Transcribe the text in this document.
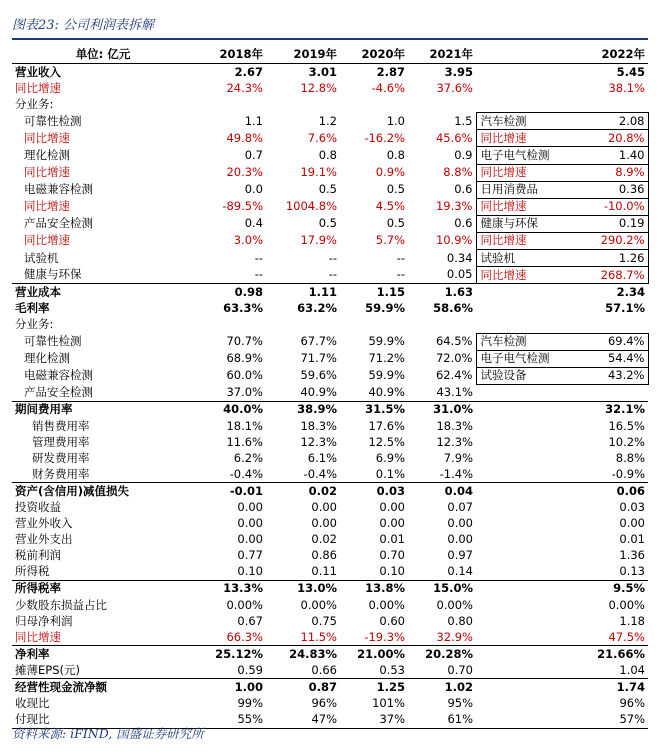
图表23: 公司利润表拆解
单位: 亿元	2018年	2019年	2020年	2021年		2022年
营业收入	2.67	3.01	2.87	3.95		5.45
同比增速	24.3%	12.8%	-4.6%	37.6%		38.1%
分业务:						
可靠性检测	1.1	1.2	1.0	1.5	汽车检测	2.08
同比增速	49.8%	7.6%	-16.2%	45.6%	同比增速	20.8%
理化检测	0.7	0.8	0.8	0.9	电子电气检测	1.40
同比增速	20.3%	19.1%	0.9%	8.8%	同比增速	8.9%
电磁兼容检测	0.0	0.5	0.5	0.6	日用消费品	0.36
同比增速	-89.5%	1004.8%	4.5%	19.3%	同比增速	-10.0%
产品安全检测	0.4	0.5	0.5	0.6	健康与环保	0.19
同比增速	3.0%	17.9%	5.7%	10.9%	同比增速	290.2%
试验机	--	--	--	0.34	试验机	1.26
健康与环保	--	--	--	0.05	同比增速	268.7%
营业成本	0.98	1.11	1.15	1.63		2.34
毛利率	63.3%	63.2%	59.9%	58.6%		57.1%
分业务:						
可靠性检测	70.7%	67.7%	59.9%	64.5%	汽车检测	69.4%
理化检测	68.9%	71.7%	71.2%	72.0%	电子电气检测	54.4%
电磁兼容检测	60.0%	59.6%	59.9%	62.4%	试验设备	43.2%
产品安全检测	37.0%	40.9%	40.9%	43.1%		
期间费用率	40.0%	38.9%	31.5%	31.0%		32.1%
销售费用率	18.1%	18.3%	17.6%	18.3%		16.5%
管理费用率	11.6%	12.3%	12.5%	12.3%		10.2%
研发费用率	6.2%	6.1%	6.9%	7.9%		8.8%
财务费用率	-0.4%	-0.4%	0.1%	-1.4%		-0.9%
资产(含信用)减值损失	-0.01	0.02	0.03	0.04		0.06
投资收益	0.00	0.00	0.00	0.07		0.03
营业外收入	0.00	0.00	0.00	0.00		0.00
营业外支出	0.00	0.02	0.01	0.00		0.01
税前利润	0.77	0.86	0.70	0.97		1.36
所得税	0.10	0.11	0.10	0.14		0.13
所得税率	13.3%	13.0%	13.8%	15.0%		9.5%
少数股东损益占比	0.00%	0.00%	0.00%	0.00%		0.00%
归母净利润	0.67	0.75	0.60	0.80		1.18
同比增速	66.3%	11.5%	-19.3%	32.9%		47.5%
净利率	25.12%	24.83%	21.00%	20.28%		21.66%
摊薄EPS(元)	0.59	0.66	0.53	0.70		1.04
经营性现金流净额	1.00	0.87	1.25	1.02		1.74
收现比	99%	96%	101%	95%		96%
付现比	55%	47%	37%	61%		57%
资料来源: iFIND, 国盛证券研究所
